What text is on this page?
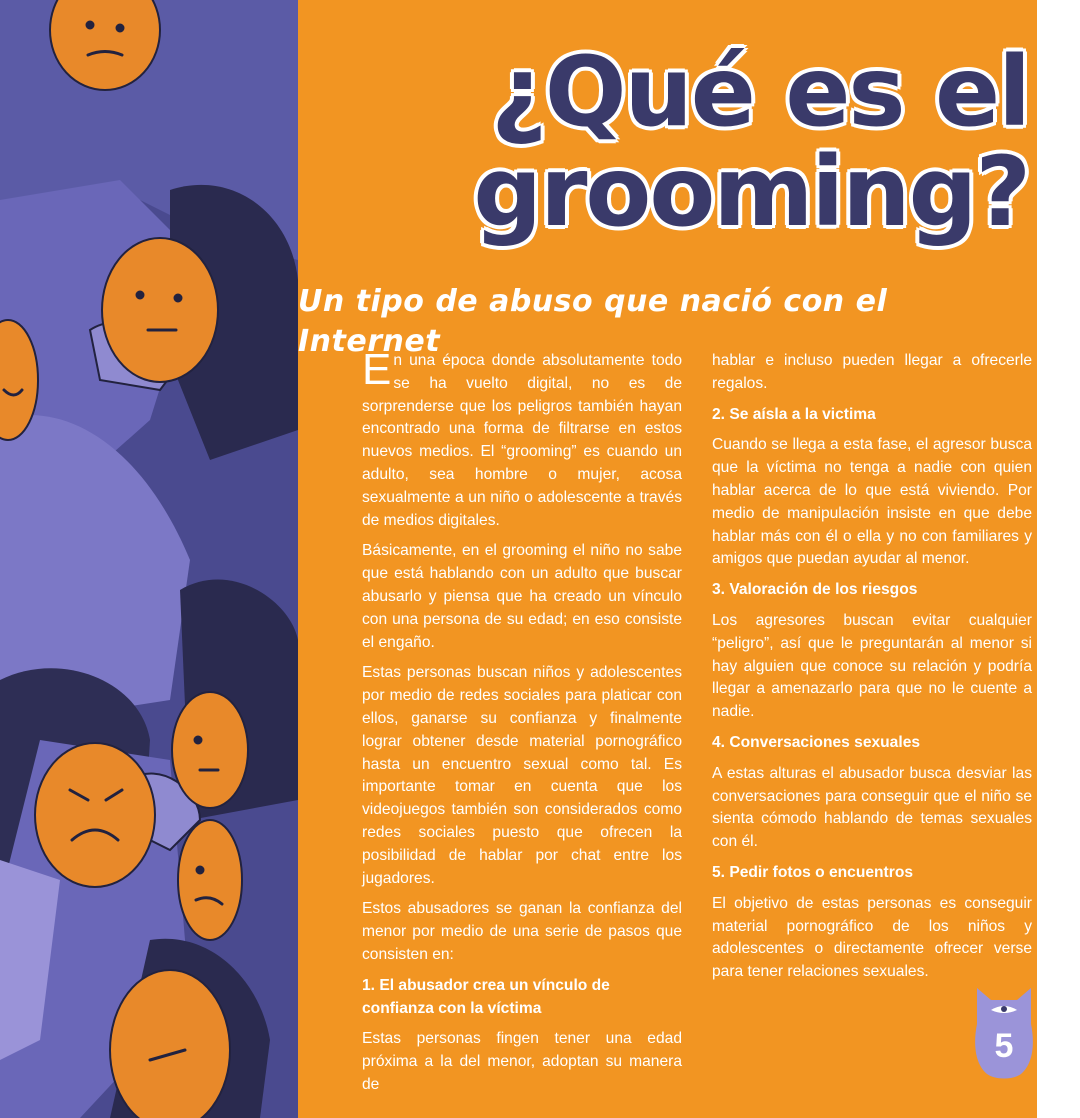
¿Qué es el
grooming?
Un tipo de abuso que nació con el Internet

En una época donde absolutamente todo se ha vuelto digital, no es de sorprenderse que los peligros también hayan encontrado una forma de filtrarse en estos nuevos medios. El “grooming” es cuando un adulto, sea hombre o mujer, acosa sexualmente a un niño o adolescente a través de medios digitales.

Básicamente, en el grooming el niño no sabe que está hablando con un adulto que buscar abusarlo y piensa que ha creado un vínculo con una persona de su edad; en eso consiste el engaño.

Estas personas buscan niños y adolescentes por medio de redes sociales para platicar con ellos, ganarse su confianza y finalmente lograr obtener desde material pornográfico hasta un encuentro sexual como tal. Es importante tomar en cuenta que los videojuegos también son considerados como redes sociales puesto que ofrecen la posibilidad de hablar por chat entre los jugadores.

Estos abusadores se ganan la confianza del menor por medio de una serie de pasos que consisten en:

1. El abusador crea un vínculo de confianza con la víctima

Estas personas fingen tener una edad próxima a la del menor, adoptan su manera de

hablar e incluso pueden llegar a ofrecerle regalos.

2. Se aísla a la victima

Cuando se llega a esta fase, el agresor busca que la víctima no tenga a nadie con quien hablar acerca de lo que está viviendo. Por medio de manipulación insiste en que debe hablar más con él o ella y no con familiares y amigos que puedan ayudar al menor.

3. Valoración de los riesgos

Los agresores buscan evitar cualquier “peligro”, así que le preguntarán al menor si hay alguien que conoce su relación y podría llegar a amenazarlo para que no le cuente a nadie.

4. Conversaciones sexuales

A estas alturas el abusador busca desviar las conversaciones para conseguir que el niño se sienta cómodo hablando de temas sexuales con él.

5. Pedir fotos o encuentros

El objetivo de estas personas es conseguir material pornográfico de los niños y adolescentes o directamente ofrecer verse para tener relaciones sexuales.

5
